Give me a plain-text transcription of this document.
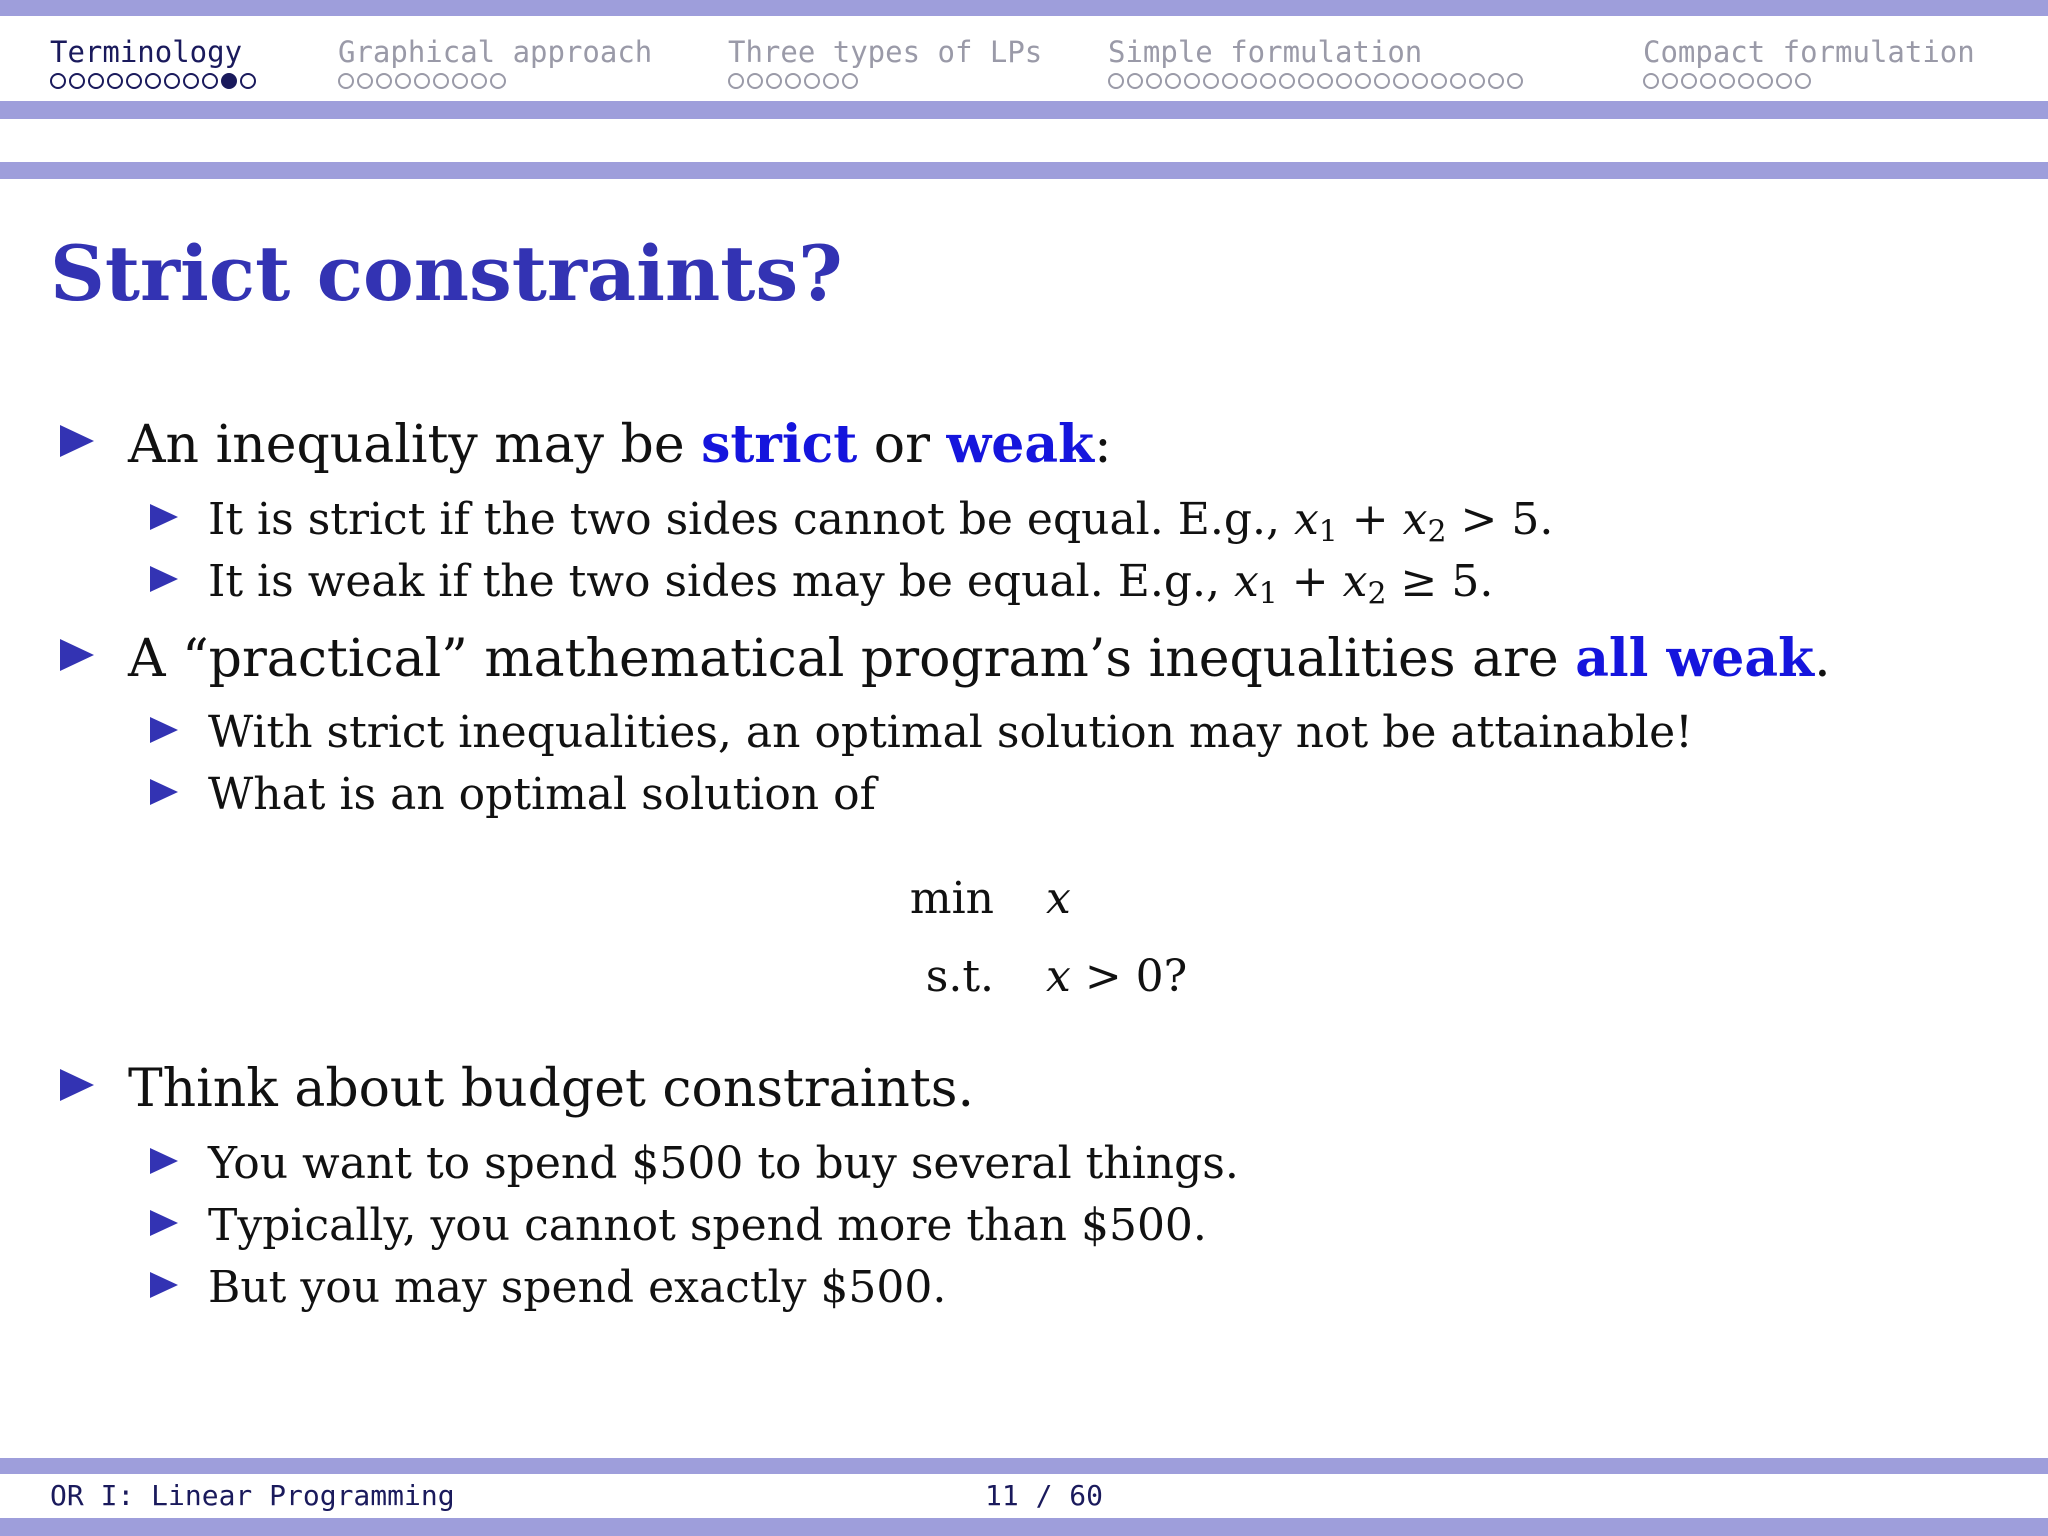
Terminology	Graphical approach	Three types of LPs Simple formulation	Compact formulation
Strict constraints?
An inequality may be strict or weak:
It is strict if the two sides cannot be equal. E.g., $x_1 + x_2 > 5$.
It is weak if the two sides may be equal. E.g., $x_1 + x_2 \ge 5$.
A “practical” mathematical program’s inequalities are all weak.
With strict inequalities, an optimal solution may not be attainable!
What is an optimal solution of
min x
s.t. x > 0?
Think about budget constraints.
You want to spend $500 to buy several things.
Typically, you cannot spend more than $500.
But you may spend exactly $500.
OR I: Linear Programming	11 / 60
